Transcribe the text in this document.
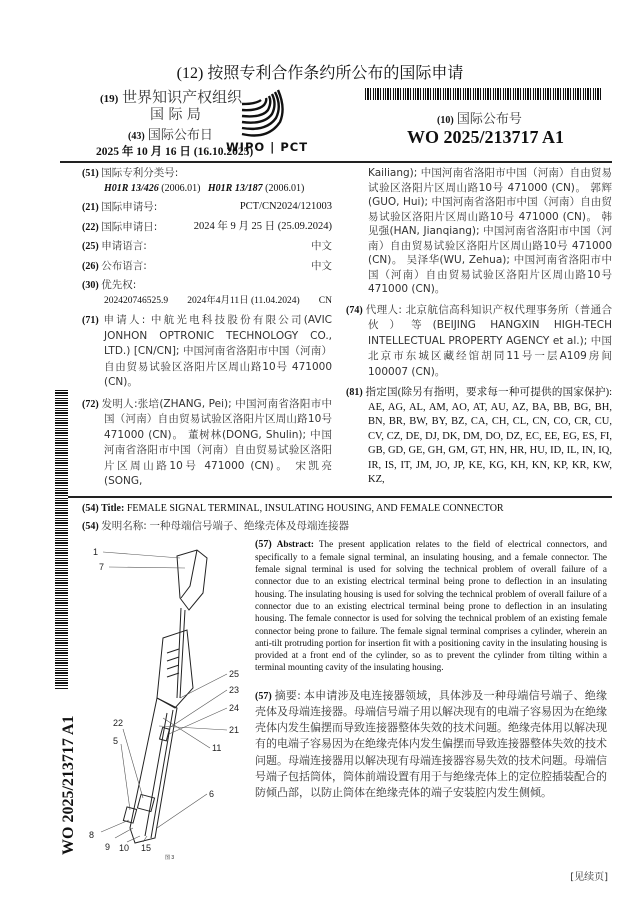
(12) 按照专利合作条约所公布的国际申请
(19) 世界知识产权组织
国 际 局
(43) 国际公布日
2025 年 10 月 16 日 (16.10.2025)
WIPO | PCT
(10) 国际公布号
WO 2025/213717 A1
(51) 国际专利分类号:
H01R 13/426 (2006.01) H01R 13/187 (2006.01)
(21) 国际申请号:	PCT/CN2024/121003
(22) 国际申请日:	2024 年 9 月 25 日 (25.09.2024)
(25) 申请语言:	中文
(26) 公布语言:	中文
(30) 优先权:
202420746525.9 2024年4月11日 (11.04.2024) CN
(71) 申请人: 中航光电科技股份有限公司(AVIC JONHON OPTRONIC TECHNOLOGY CO., LTD.) [CN/CN]; 中国河南省洛阳市中国（河南）自由贸易试验区洛阳片区周山路10号 471000 (CN)。
(72) 发明人:张培(ZHANG, Pei); 中国河南省洛阳市中国（河南）自由贸易试验区洛阳片区周山路10号 471000 (CN)。 董树林(DONG, Shulin); 中国河南省洛阳市中国（河南）自由贸易试验区洛阳片区周山路10号 471000 (CN)。 宋凯亮(SONG,
Kailiang); 中国河南省洛阳市中国（河南）自由贸易试验区洛阳片区周山路10号 471000 (CN)。 郭辉(GUO, Hui); 中国河南省洛阳市中国（河南）自由贸易试验区洛阳片区周山路10号 471000 (CN)。 韩见强(HAN, Jianqiang); 中国河南省洛阳市中国（河南）自由贸易试验区洛阳片区周山路10号 471000 (CN)。 吴泽华(WU, Zehua); 中国河南省洛阳市中国（河南）自由贸易试验区洛阳片区周山路10号 471000 (CN)。
(74) 代理人: 北京航信高科知识产权代理事务所（普通合伙）等(BEIJING HANGXIN HIGH-TECH INTELLECTUAL PROPERTY AGENCY et al.); 中国北京市东城区藏经馆胡同11号一层A109房间 100007 (CN)。
(81) 指定国(除另有指明，要求每一种可提供的国家保护): AE, AG, AL, AM, AO, AT, AU, AZ, BA, BB, BG, BH, BN, BR, BW, BY, BZ, CA, CH, CL, CN, CO, CR, CU, CV, CZ, DE, DJ, DK, DM, DO, DZ, EC, EE, EG, ES, FI, GB, GD, GE, GH, GM, GT, HN, HR, HU, ID, IL, IN, IQ, IR, IS, IT, JM, JO, JP, KE, KG, KH, KN, KP, KR, KW, KZ,
(54) Title: FEMALE SIGNAL TERMINAL, INSULATING HOUSING, AND FEMALE CONNECTOR
(54) 发明名称: 一种母端信号端子、绝缘壳体及母端连接器
1
7
25
23
24
21
11
22
5
6
8
9 10 15
图 3
(57) Abstract: The present application relates to the field of electrical connectors, and specifically to a female signal terminal, an insulating housing, and a female connector. The female signal terminal is used for solving the technical problem of overall failure of a connector due to an existing electrical terminal being prone to deflection in an insulating housing. The insulating housing is used for solving the technical problem of overall failure of a connector due to an existing electrical terminal being prone to deflection in an insulating housing. The female connector is used for solving the technical problem of an existing female connector being prone to failure. The female signal terminal comprises a cylinder, wherein an anti-tilt protruding portion for insertion fit with a positioning cavity in the insulating housing is provided at a front end of the cylinder, so as to prevent the cylinder from tilting within a terminal mounting cavity of the insulating housing.
(57) 摘要: 本申请涉及电连接器领域，具体涉及一种母端信号端子、绝缘壳体及母端连接器。母端信号端子用以解决现有的电端子容易因为在绝缘壳体内发生偏摆而导致连接器整体失效的技术问题。绝缘壳体用以解决现有的电端子容易因为在绝缘壳体内发生偏摆而导致连接器整体失效的技术问题。母端连接器用以解决现有母端连接器容易失效的技术问题。母端信号端子包括筒体，筒体前端设置有用于与绝缘壳体上的定位腔插装配合的防倾凸部，以防止筒体在绝缘壳体的端子安装腔内发生侧倾。
[见续页]
WO 2025/213717 A1
